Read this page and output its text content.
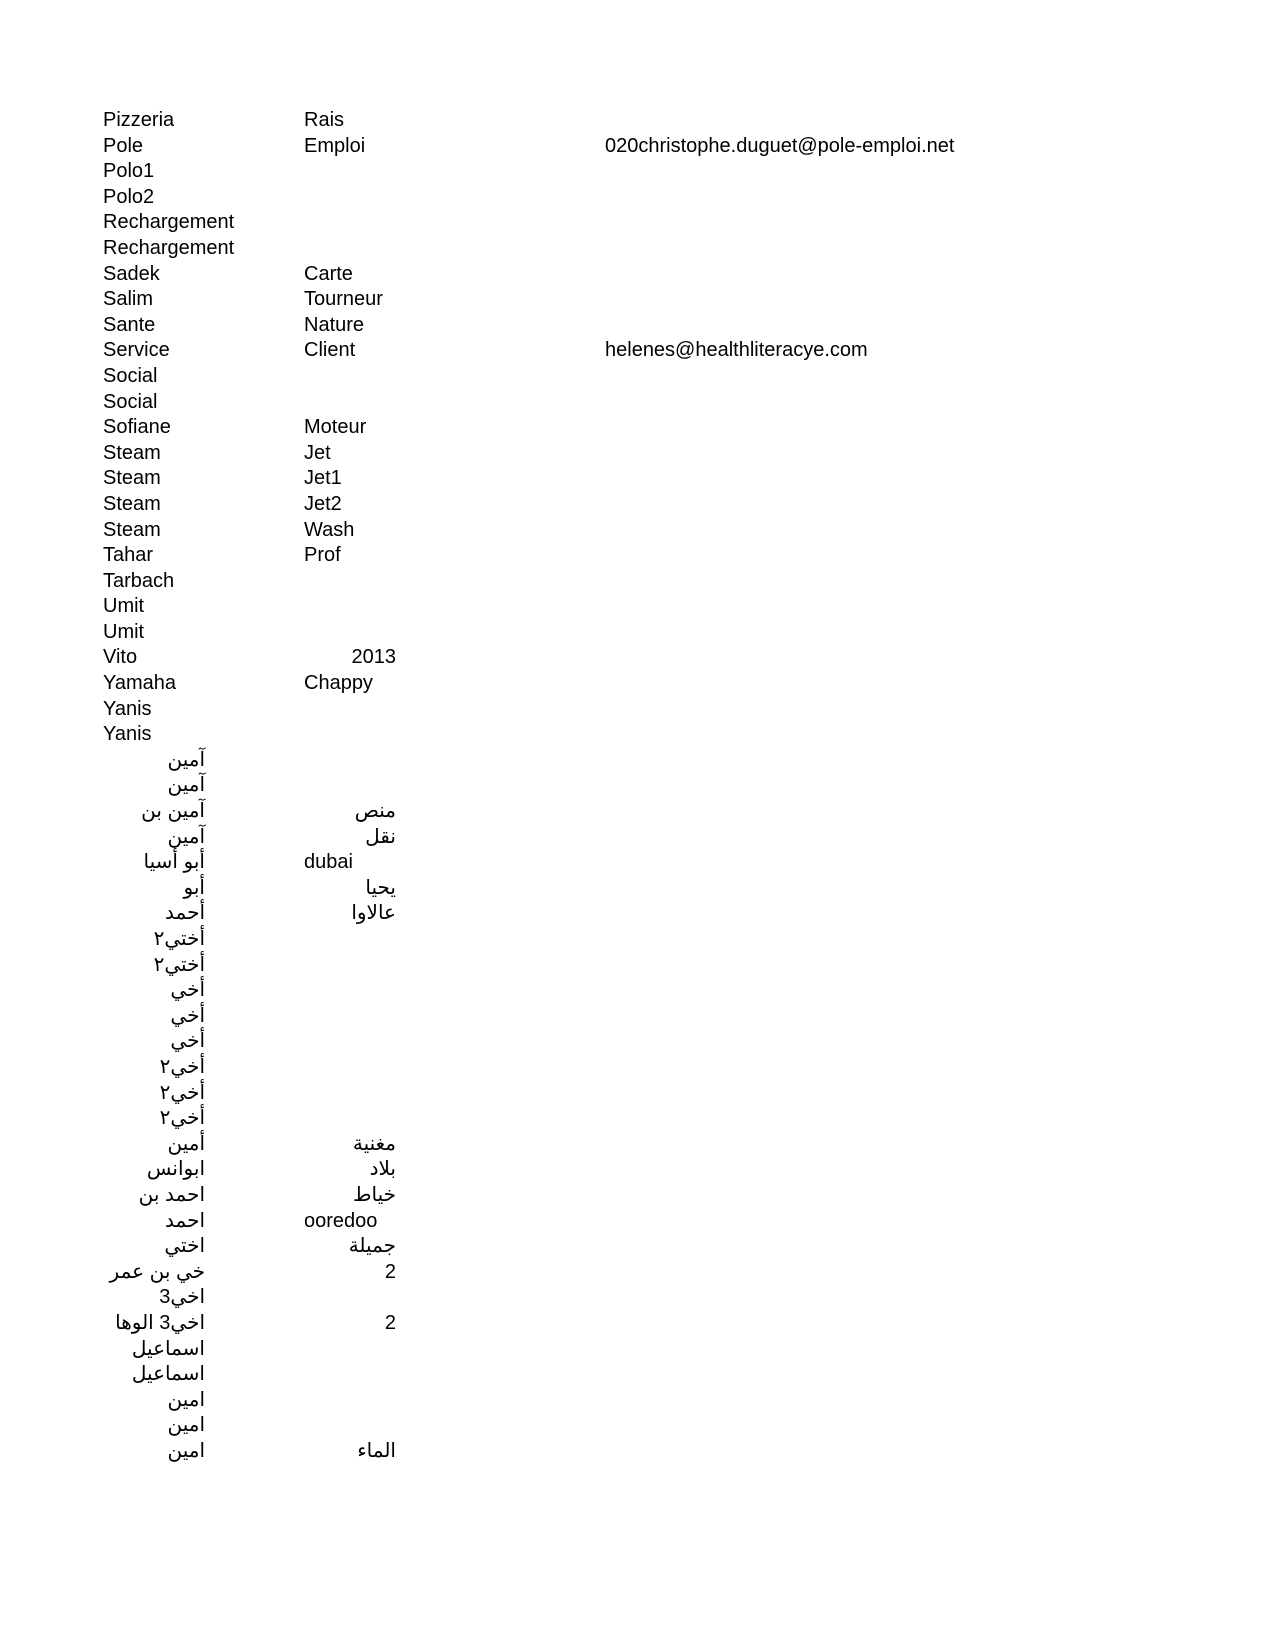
Pizzeria	Rais
Pole	Emploi	020christophe.duguet@pole-emploi.net
Polo1
Polo2
Rechargement
Rechargement
Sadek	Carte
Salim	Tourneur
Sante	Nature
Service	Client	helenes@healthliteracye.com
Social
Social
Sofiane	Moteur
Steam	Jet
Steam	Jet1
Steam	Jet2
Steam	Wash
Tahar	Prof
Tarbach
Umit
Umit
Vito	2013
Yamaha	Chappy
Yanis
Yanis
آمين
آمين
آمين بن	منص
آمين	نقل
أبو أسيا	dubai
أبو	يحيا
أحمد	عالاوا
أختي٢
أختي٢
أخي
أخي
أخي
أخي٢
أخي٢
أخي٢
أمين	مغنية
ابوانس	بلاد
احمد بن	خياط
احمد	ooredoo
اختي	جميلة
خي بن عمر	2
اخي3
اخي3 الوها	2
اسماعيل
اسماعيل
امين
امين
امين	الماء
